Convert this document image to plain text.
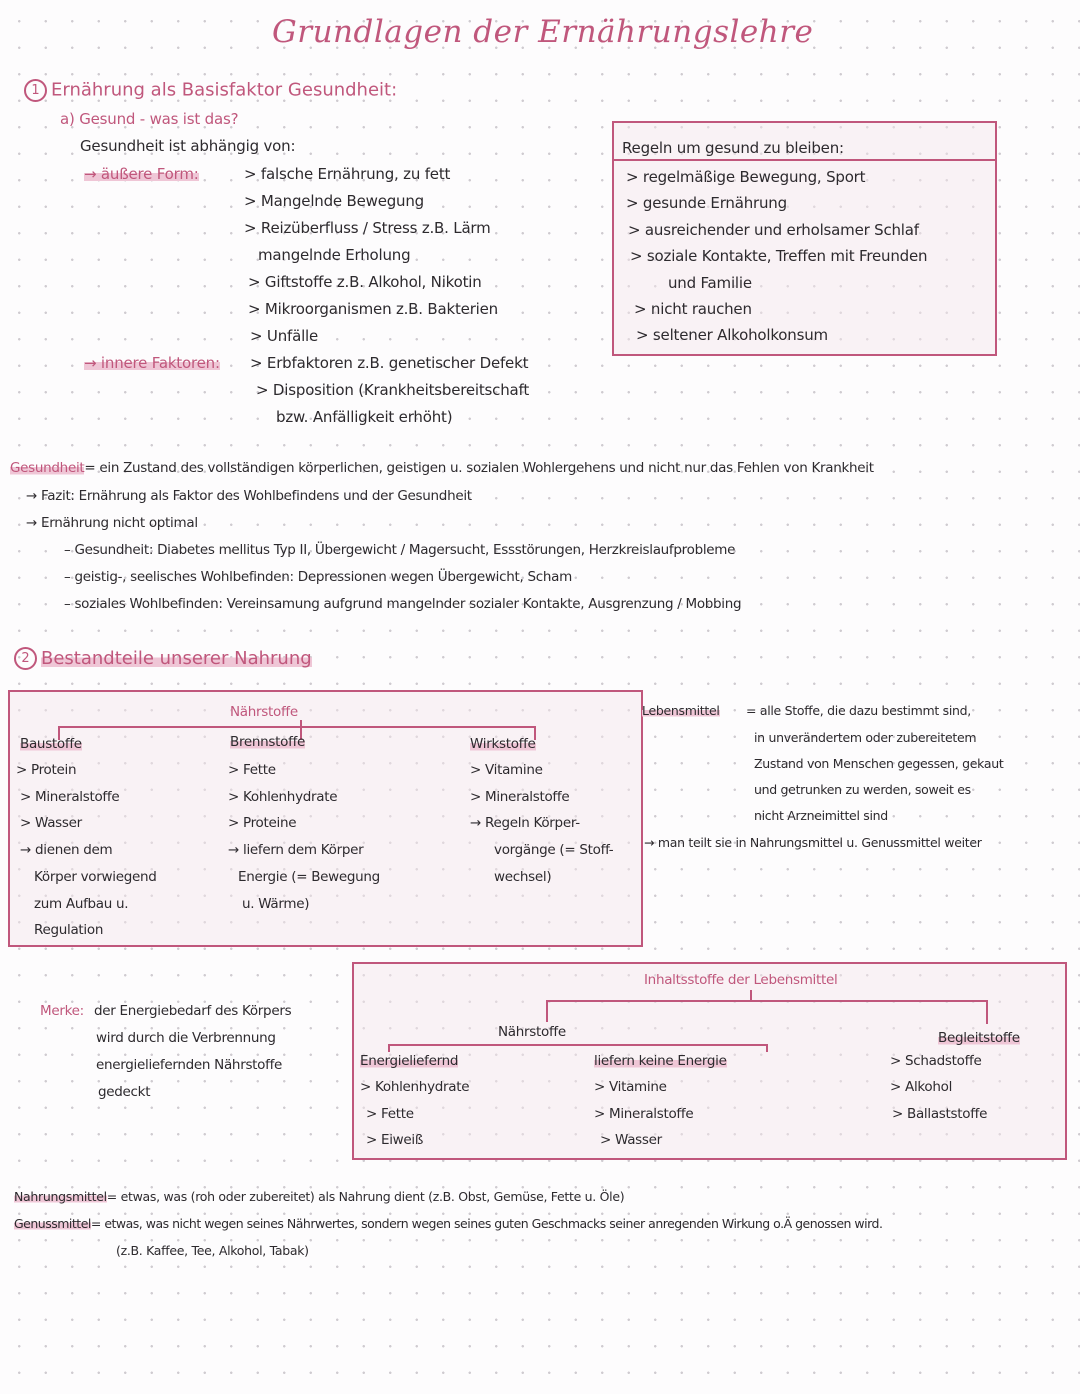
Grundlagen der Ernährungslehre
1 Ernährung als Basisfaktor Gesundheit:
a) Gesund - was ist das?
Gesundheit ist abhängig von:
→ äußere Form:	> falsche Ernährung, zu fett
> Mangelnde Bewegung
> Reizüberfluss / Stress z.B. Lärm
mangelnde Erholung
> Giftstoffe z.B. Alkohol, Nikotin
> Mikroorganismen z.B. Bakterien
> Unfälle
→ innere Faktoren: > Erbfaktoren z.B. genetischer Defekt
> Disposition (Krankheitsbereitschaft
bzw. Anfälligkeit erhöht)
Regeln um gesund zu bleiben:
> regelmäßige Bewegung, Sport
> gesunde Ernährung
> ausreichender und erholsamer Schlaf
> soziale Kontakte, Treffen mit Freunden
und Familie
> nicht rauchen
> seltener Alkoholkonsum
Gesundheit= ein Zustand des vollständigen körperlichen, geistigen u. sozialen Wohlergehens und nicht nur das Fehlen von Krankheit
→ Fazit: Ernährung als Faktor des Wohlbefindens und der Gesundheit
→ Ernährung nicht optimal
– Gesundheit: Diabetes mellitus Typ II, Übergewicht / Magersucht, Essstörungen, Herzkreislaufprobleme
– geistig-, seelisches Wohlbefinden: Depressionen wegen Übergewicht, Scham
– soziales Wohlbefinden: Vereinsamung aufgrund mangelnder sozialer Kontakte, Ausgrenzung / Mobbing
2 Bestandteile unserer Nahrung
Nährstoffe
Baustoffe
> Protein
> Mineralstoffe
> Wasser
→ dienen dem
Körper vorwiegend
zum Aufbau u.
Regulation
Brennstoffe
> Fette
> Kohlenhydrate
> Proteine
→ liefern dem Körper
Energie (= Bewegung
u. Wärme)
Wirkstoffe
> Vitamine
> Mineralstoffe
→ Regeln Körper-
vorgänge (= Stoff-
wechsel)
Lebensmittel = alle Stoffe, die dazu bestimmt sind,
in unverändertem oder zubereitetem
Zustand von Menschen gegessen, gekaut
und getrunken zu werden, soweit es
nicht Arzneimittel sind
→ man teilt sie in Nahrungsmittel u. Genussmittel weiter
Merke: der Energiebedarf des Körpers
wird durch die Verbrennung
energieliefernden Nährstoffe
gedeckt
Inhaltsstoffe der Lebensmittel
Nährstoffe	Begleitstoffe
Energieliefernd
> Kohlenhydrate
> Fette
> Eiweiß
liefern keine Energie
> Vitamine
> Mineralstoffe
> Wasser
> Schadstoffe
> Alkohol
> Ballaststoffe
Nahrungsmittel= etwas, was (roh oder zubereitet) als Nahrung dient (z.B. Obst, Gemüse, Fette u. Öle)
Genussmittel= etwas, was nicht wegen seines Nährwertes, sondern wegen seines guten Geschmacks seiner anregenden Wirkung o.Ä genossen wird.
(z.B. Kaffee, Tee, Alkohol, Tabak)
